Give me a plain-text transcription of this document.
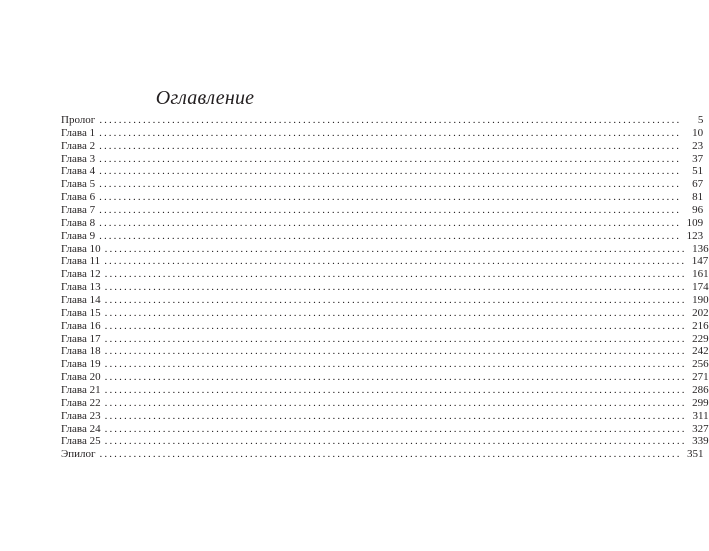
Оглавление
Пролог ........................................................................................................................	5
Глава 1 ........................................................................................................................	10
Глава 2 ........................................................................................................................	23
Глава 3 ........................................................................................................................	37
Глава 4 ........................................................................................................................	51
Глава 5 ........................................................................................................................	67
Глава 6 ........................................................................................................................	81
Глава 7 ........................................................................................................................	96
Глава 8 ........................................................................................................................ 109
Глава 9 ........................................................................................................................ 123
Глава 10 ........................................................................................................................ 136
Глава 11 ........................................................................................................................ 147
Глава 12 ........................................................................................................................ 161
Глава 13 ........................................................................................................................ 174
Глава 14 ........................................................................................................................ 190
Глава 15 ........................................................................................................................ 202
Глава 16 ........................................................................................................................ 216
Глава 17 ........................................................................................................................ 229
Глава 18 ........................................................................................................................ 242
Глава 19 ........................................................................................................................ 256
Глава 20 ........................................................................................................................ 271
Глава 21 ........................................................................................................................ 286
Глава 22 ........................................................................................................................ 299
Глава 23 ........................................................................................................................ 311
Глава 24 ........................................................................................................................ 327
Глава 25 ........................................................................................................................ 339
Эпилог ........................................................................................................................ 351
